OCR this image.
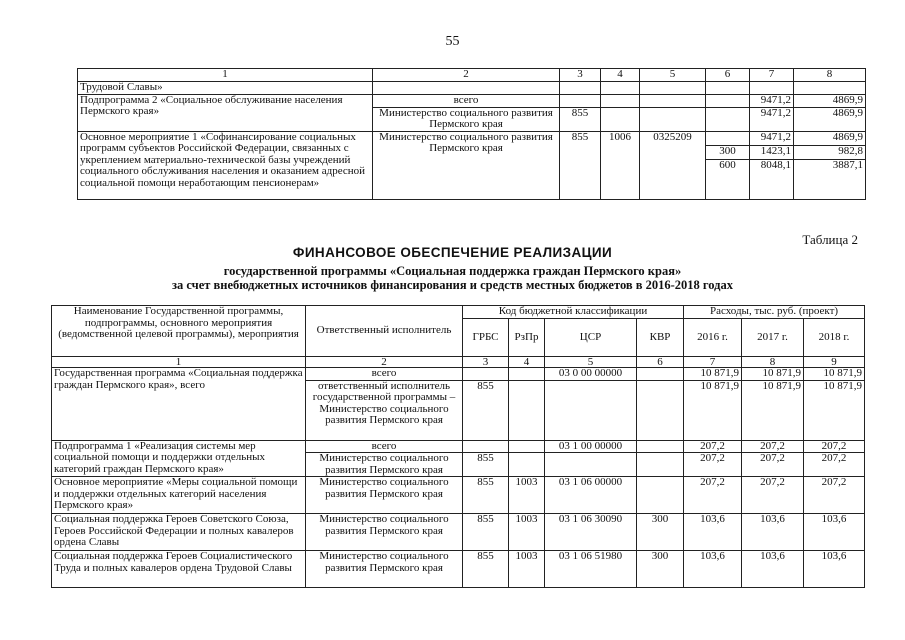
55
1	2	3	4	5	6	7	8
Трудовой Славы»							
Подпрограмма 2 «Социальное обслуживание населения Пермского края»	всего					9471,2	4869,9
	Министерство социального развития Пермского края	855				9471,2	4869,9
Основное мероприятие 1 «Софинансирование социальных программ субъектов Российской Федерации, связанных с укреплением материально-технической базы учреждений социального обслуживания населения и оказанием адресной социальной помощи неработающим пенсионерам»	Министерство социального развития Пермского края	855	1006	0325209		9471,2	4869,9
					300	1423,1	982,8
					600	8048,1	3887,1
Таблица 2
ФИНАНСОВОЕ ОБЕСПЕЧЕНИЕ РЕАЛИЗАЦИИ
государственной программы «Социальная поддержка граждан Пермского края»
за счет внебюджетных источников финансирования и средств местных бюджетов в 2016-2018 годах
Наименование Государственной программы, подпрограммы, основного мероприятия (ведомственной целевой программы), мероприятия	Ответственный исполнитель	Код бюджетной классификации				Расходы, тыс. руб. (проект)		
		ГРБС	РзПр	ЦСР	КВР	2016 г.	2017 г.	2018 г.
1	2	3	4	5	6	7	8	9
Государственная программа «Социальная поддержка граждан Пермского края», всего	всего			03 0 00 00000		10 871,9	10 871,9	10 871,9
	ответственный исполнитель государственной программы – Министерство социального развития Пермского края	855				10 871,9	10 871,9	10 871,9
Подпрограмма 1 «Реализация системы мер социальной помощи и поддержки отдельных категорий граждан Пермского края»	всего			03 1 00 00000		207,2	207,2	207,2
	Министерство социального развития Пермского края	855				207,2	207,2	207,2
Основное мероприятие «Меры социальной помощи и поддержки отдельных категорий населения Пермского края»	Министерство социального развития Пермского края	855	1003	03 1 06 00000		207,2	207,2	207,2
Социальная поддержка Героев Советского Союза, Героев Российской Федерации и полных кавалеров ордена Славы	Министерство социального развития Пермского края	855	1003	03 1 06 30090	300	103,6	103,6	103,6
Социальная поддержка Героев Социалистического Труда и полных кавалеров ордена Трудовой Славы	Министерство социального развития Пермского края	855	1003	03 1 06 51980	300	103,6	103,6	103,6
